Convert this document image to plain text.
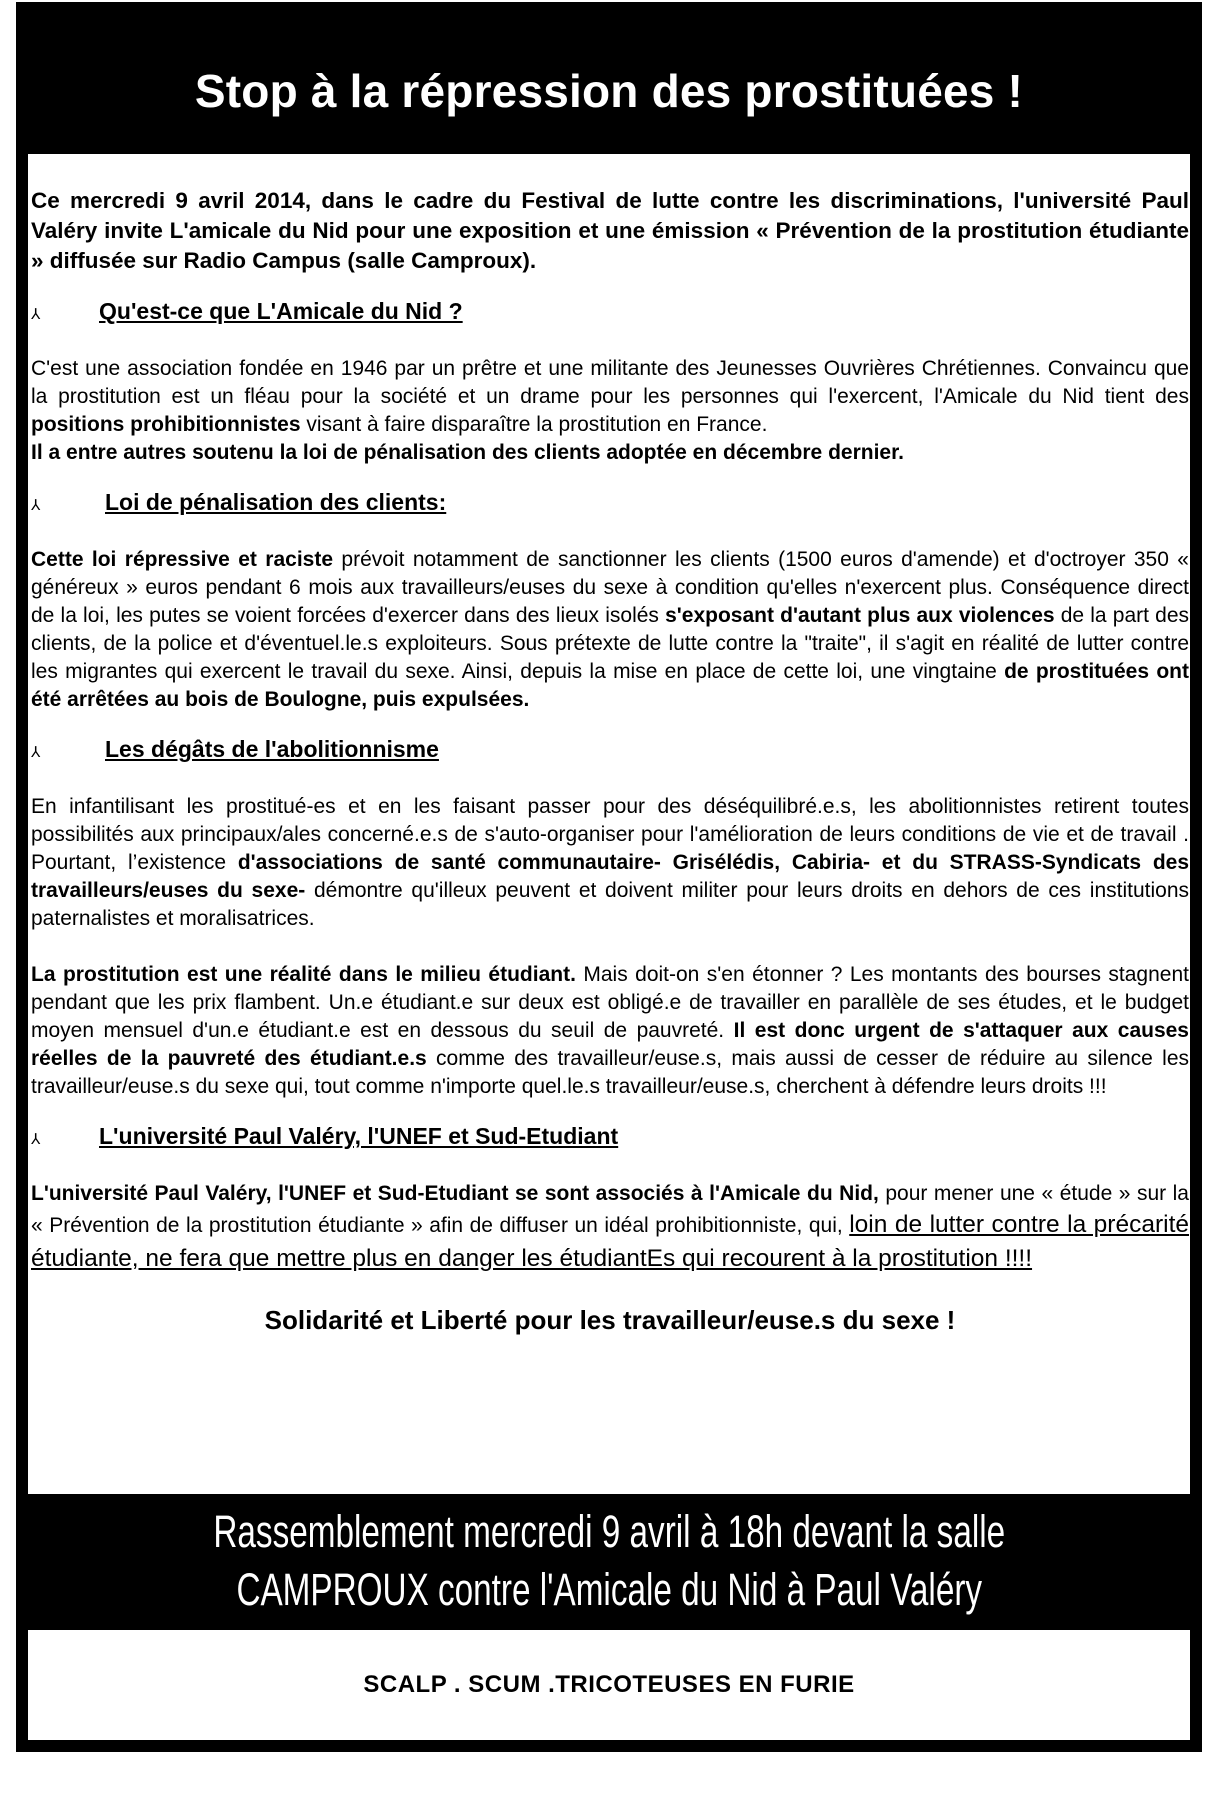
Stop à la répression des prostituées !

Ce mercredi 9 avril 2014, dans le cadre du Festival de lutte contre les discriminations, l'université Paul Valéry invite L'amicale du Nid pour une exposition et une émission « Prévention de la prostitution étudiante » diffusée sur Radio Campus (salle Camproux).

⅄	Qu'est-ce que L'Amicale du Nid ?

C'est une association fondée en 1946 par un prêtre et une militante des Jeunesses Ouvrières Chrétiennes. Convaincu que la prostitution est un fléau pour la société et un drame pour les personnes qui l'exercent, l'Amicale du Nid tient des positions prohibitionnistes visant à faire disparaître la prostitution en France.
Il a entre autres soutenu la loi de pénalisation des clients adoptée en décembre dernier.

⅄	Loi de pénalisation des clients:

Cette loi répressive et raciste prévoit notamment de sanctionner les clients (1500 euros d'amende) et d'octroyer 350 « généreux » euros pendant 6 mois aux travailleurs/euses du sexe à condition qu'elles n'exercent plus. Conséquence direct de la loi, les putes se voient forcées d'exercer dans des lieux isolés s'exposant d'autant plus aux violences de la part des clients, de la police et d'éventuel.le.s exploiteurs. Sous prétexte de lutte contre la "traite", il s'agit en réalité de lutter contre les migrantes qui exercent le travail du sexe. Ainsi, depuis la mise en place de cette loi, une vingtaine de prostituées ont été arrêtées au bois de Boulogne, puis expulsées.

⅄	Les dégâts de l'abolitionnisme

En infantilisant les prostitué-es et en les faisant passer pour des déséquilibré.e.s, les abolitionnistes retirent toutes possibilités aux principaux/ales concerné.e.s de s'auto-organiser pour l'amélioration de leurs conditions de vie et de travail . Pourtant, l’existence d'associations de santé communautaire- Grisélédis, Cabiria- et du STRASS-Syndicats des travailleurs/euses du sexe- démontre qu'illeux peuvent et doivent militer pour leurs droits en dehors de ces institutions paternalistes et moralisatrices.

La prostitution est une réalité dans le milieu étudiant. Mais doit-on s'en étonner ? Les montants des bourses stagnent pendant que les prix flambent. Un.e étudiant.e sur deux est obligé.e de travailler en parallèle de ses études, et le budget moyen mensuel d'un.e étudiant.e est en dessous du seuil de pauvreté. Il est donc urgent de s'attaquer aux causes réelles de la pauvreté des étudiant.e.s comme des travailleur/euse.s, mais aussi de cesser de réduire au silence les travailleur/euse.s du sexe qui, tout comme n'importe quel.le.s travailleur/euse.s, cherchent à défendre leurs droits !!!

⅄	L'université Paul Valéry, l'UNEF et Sud-Etudiant

L'université Paul Valéry, l'UNEF et Sud-Etudiant se sont associés à l'Amicale du Nid, pour mener une « étude » sur la « Prévention de la prostitution étudiante » afin de diffuser un idéal prohibitionniste, qui, loin de lutter contre la précarité étudiante, ne fera que mettre plus en danger les étudiantEs qui recourent à la prostitution !!!!

Solidarité et Liberté pour les travailleur/euse.s du sexe !

Rassemblement mercredi 9 avril à 18h devant la salle
CAMPROUX contre l'Amicale du Nid à Paul Valéry
SCALP . SCUM .TRICOTEUSES EN FURIE
